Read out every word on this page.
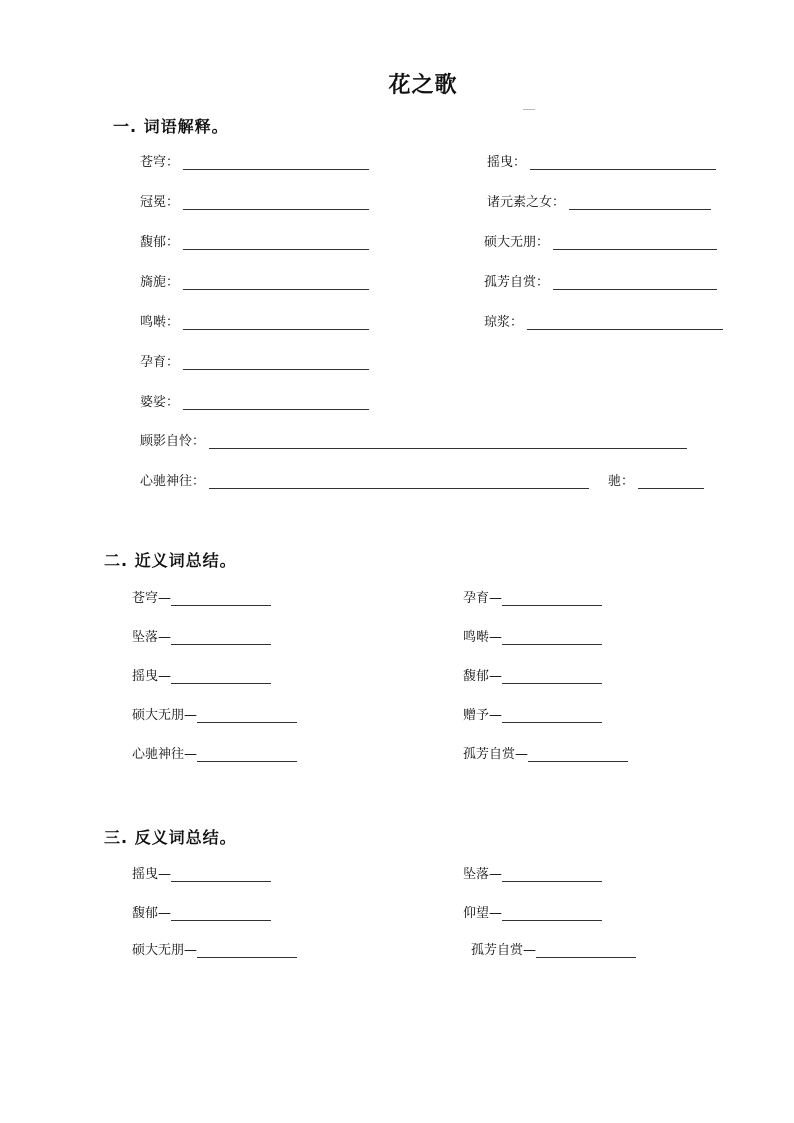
花之歌
一. 词语解释。
苍穹：	摇曳：
冠冕：	诸元素之女：
馥郁：	硕大无朋：
旖旎：	孤芳自赏：
鸣啭：	琼浆：
孕育：
婆娑：
顾影自怜：
心驰神往：	驰：
二. 近义词总结。
苍穹—	孕育—
坠落—	鸣啭—
摇曳—	馥郁—
硕大无朋—	赠予—
心驰神往—	孤芳自赏—
三. 反义词总结。
摇曳—	坠落—
馥郁—	仰望—
硕大无朋—	孤芳自赏—
